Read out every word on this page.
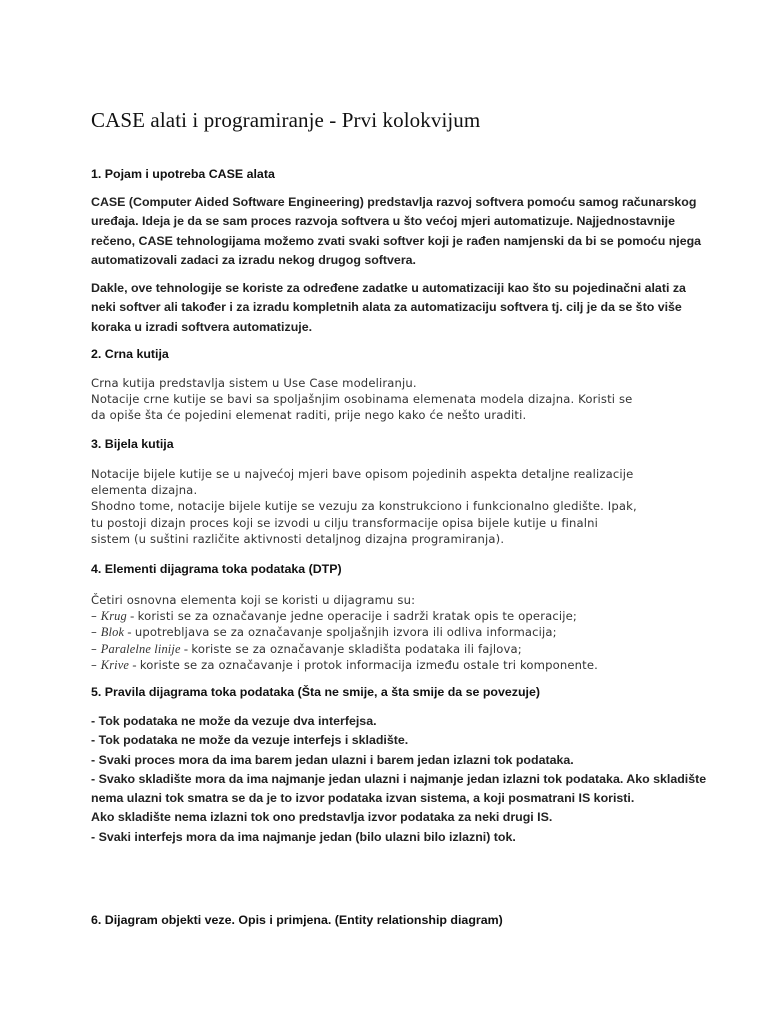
CASE alati i programiranje - Prvi kolokvijum
1. Pojam i upotreba CASE alata
CASE (Computer Aided Software Engineering) predstavlja razvoj softvera pomoću samog računarskog
uređaja. Ideja je da se sam proces razvoja softvera u što većoj mjeri automatizuje. Najjednostavnije
rečeno, CASE tehnologijama možemo zvati svaki softver koji je rađen namjenski da bi se pomoću njega
automatizovali zadaci za izradu nekog drugog softvera.
Dakle, ove tehnologije se koriste za određene zadatke u automatizaciji kao što su pojedinačni alati za
neki softver ali također i za izradu kompletnih alata za automatizaciju softvera tj. cilj je da se što više
koraka u izradi softvera automatizuje.
2. Crna kutija
Crna kutija predstavlja sistem u Use Case modeliranju.
Notacije crne kutije se bavi sa spoljašnjim osobinama elemenata modela dizajna. Koristi se
da opiše šta će pojedini elemenat raditi, prije nego kako će nešto uraditi.
3. Bijela kutija
Notacije bijele kutije se u najvećoj mjeri bave opisom pojedinih aspekta detaljne realizacije
elementa dizajna.
Shodno tome, notacije bijele kutije se vezuju za konstrukciono i funkcionalno gledište. Ipak,
tu postoji dizajn proces koji se izvodi u cilju transformacije opisa bijele kutije u finalni
sistem (u suštini različite aktivnosti detaljnog dizajna programiranja).
4. Elementi dijagrama toka podataka (DTP)
Četiri osnovna elementa koji se koristi u dijagramu su:
– Krug - koristi se za označavanje jedne operacije i sadrži kratak opis te operacije;
– Blok - upotrebljava se za označavanje spoljašnjih izvora ili odliva informacija;
– Paralelne linije - koriste se za označavanje skladišta podataka ili fajlova;
– Krive - koriste se za označavanje i protok informacija između ostale tri komponente.
5. Pravila dijagrama toka podataka (Šta ne smije, a šta smije da se povezuje)
- Tok podataka ne može da vezuje dva interfejsa.
- Tok podataka ne može da vezuje interfejs i skladište.
- Svaki proces mora da ima barem jedan ulazni i barem jedan izlazni tok podataka.
- Svako skladište mora da ima najmanje jedan ulazni i najmanje jedan izlazni tok podataka. Ako skladište
nema ulazni tok smatra se da je to izvor podataka izvan sistema, a koji posmatrani IS koristi.
Ako skladište nema izlazni tok ono predstavlja izvor podataka za neki drugi IS.
- Svaki interfejs mora da ima najmanje jedan (bilo ulazni bilo izlazni) tok.
6. Dijagram objekti veze. Opis i primjena. (Entity relationship diagram)
